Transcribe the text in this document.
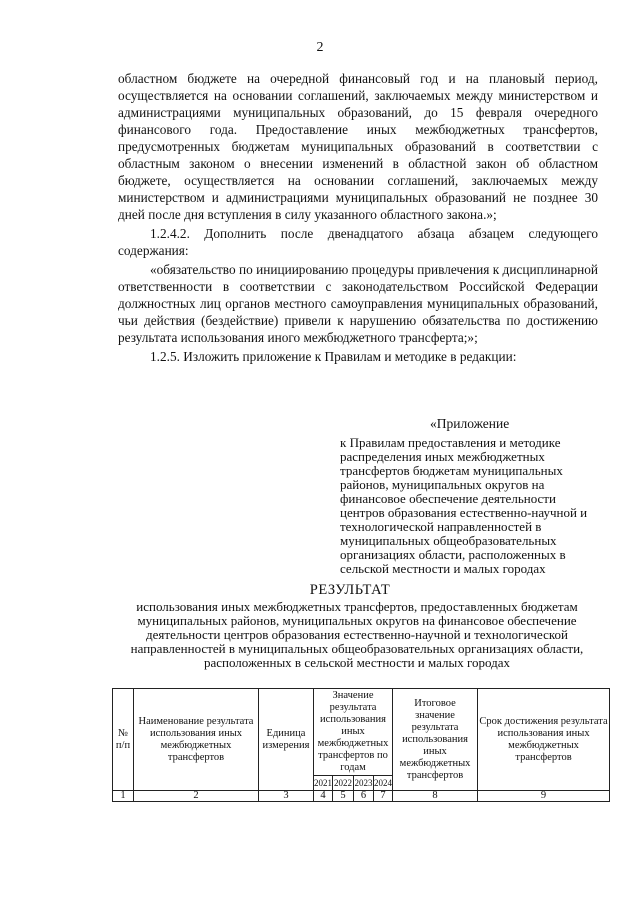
2

областном бюджете на очередной финансовый год и на плановый период, осуществляется на основании соглашений, заключаемых между министерством и администрациями муниципальных образований, до 15 февраля очередного финансового года. Предоставление иных межбюджетных трансфертов, предусмотренных бюджетам муниципальных образований в соответствии с областным законом о внесении изменений в областной закон об областном бюджете, осуществляется на основании соглашений, заключаемых между министерством и администрациями муниципальных образований не позднее 30 дней после дня вступления в силу указанного областного закона.»;

1.2.4.2. Дополнить после двенадцатого абзаца абзацем следующего содержания:

«обязательство по инициированию процедуры привлечения к дисциплинарной ответственности в соответствии с законодательством Российской Федерации должностных лиц органов местного самоуправления муниципальных образований, чьи действия (бездействие) привели к нарушению обязательства по достижению результата использования иного межбюджетного трансферта;»;

1.2.5. Изложить приложение к Правилам и методике в редакции:

«Приложение
к Правилам предоставления и методике распределения иных межбюджетных трансфертов бюджетам муниципальных районов, муниципальных округов на финансовое обеспечение деятельности центров образования естественно-научной и технологической направленностей в муниципальных общеобразовательных организациях области, расположенных в сельской местности и малых городах
РЕЗУЛЬТАТ
использования иных межбюджетных трансфертов, предоставленных бюджетам муниципальных районов, муниципальных округов на финансовое обеспечение деятельности центров образования естественно-научной и технологической направленностей в муниципальных общеобразовательных организациях области, расположенных в сельской местности и малых городах
№ п/п	Наименование результата использования иных межбюджетных трансфертов	Единица измерения	Значение результата использования иных межбюджетных трансфертов по годам				Итоговое значение результата использования иных межбюджетных трансфертов	Срок достижения результата использования иных межбюджетных трансфертов
			2021	2022	2023	2024		
1	2	3	4	5	6	7	8	9
